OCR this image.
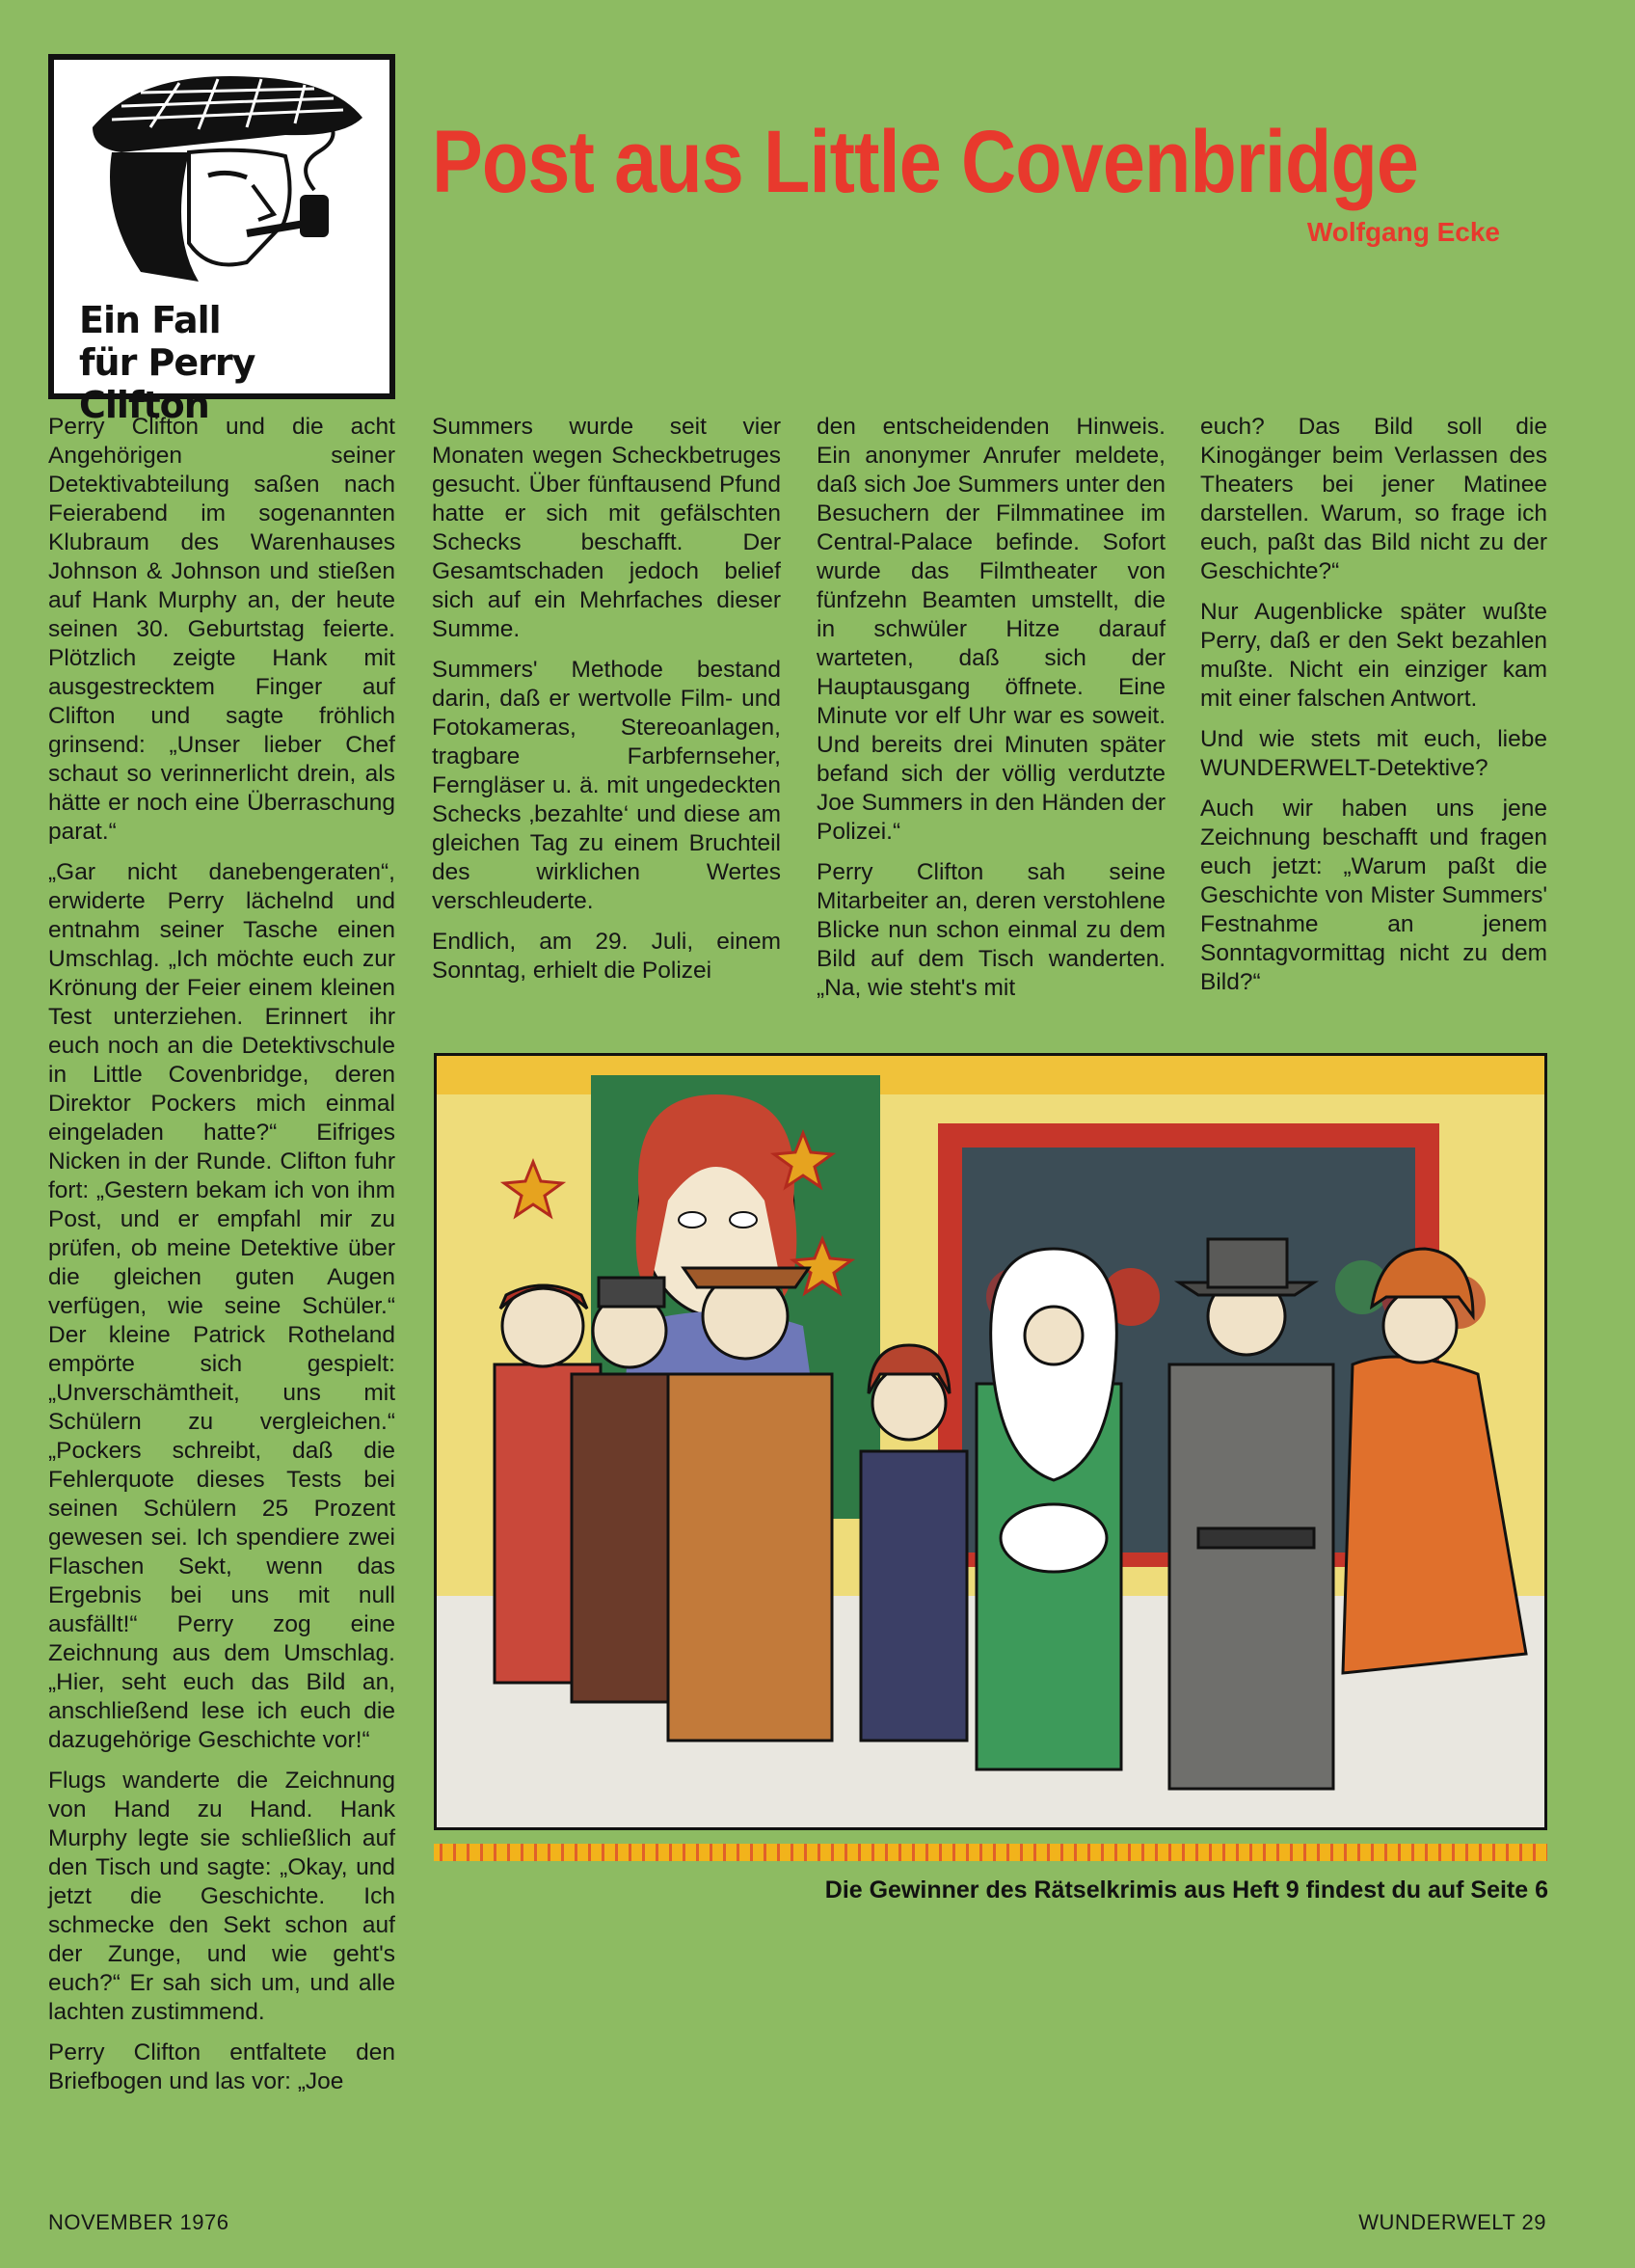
Ein Fall
für Perry Clifton
Post aus Little Covenbridge
Wolfgang Ecke

Perry Clifton und die acht Angehörigen seiner Detektivabteilung saßen nach Feierabend im sogenannten Klubraum des Warenhauses Johnson & Johnson und stießen auf Hank Murphy an, der heute seinen 30. Geburtstag feierte. Plötzlich zeigte Hank mit ausgestrecktem Finger auf Clifton und sagte fröhlich grinsend: „Unser lieber Chef schaut so verinnerlicht drein, als hätte er noch eine Überraschung parat.“

„Gar nicht danebengeraten“, erwiderte Perry lächelnd und entnahm seiner Tasche einen Umschlag. „Ich möchte euch zur Krönung der Feier einem kleinen Test unterziehen. Erinnert ihr euch noch an die Detektivschule in Little Covenbridge, deren Direktor Pockers mich einmal eingeladen hatte?“ Eifriges Nicken in der Runde. Clifton fuhr fort: „Gestern bekam ich von ihm Post, und er empfahl mir zu prüfen, ob meine Detektive über die gleichen guten Augen verfügen, wie seine Schüler.“ Der kleine Patrick Rotheland empörte sich gespielt: „Unverschämtheit, uns mit Schülern zu vergleichen.“ „Pockers schreibt, daß die Fehlerquote dieses Tests bei seinen Schülern 25 Prozent gewesen sei. Ich spendiere zwei Flaschen Sekt, wenn das Ergebnis bei uns mit null ausfällt!“ Perry zog eine Zeichnung aus dem Umschlag. „Hier, seht euch das Bild an, anschließend lese ich euch die dazugehörige Geschichte vor!“

Flugs wanderte die Zeichnung von Hand zu Hand. Hank Murphy legte sie schließlich auf den Tisch und sagte: „Okay, und jetzt die Geschichte. Ich schmecke den Sekt schon auf der Zunge, und wie geht's euch?“ Er sah sich um, und alle lachten zustimmend.

Perry Clifton entfaltete den Briefbogen und las vor: „Joe

Summers wurde seit vier Monaten wegen Scheckbetruges gesucht. Über fünftausend Pfund hatte er sich mit gefälschten Schecks beschafft. Der Gesamtschaden jedoch belief sich auf ein Mehrfaches dieser Summe.

Summers' Methode bestand darin, daß er wertvolle Film- und Fotokameras, Stereoanlagen, tragbare Farbfernseher, Ferngläser u. ä. mit ungedeckten Schecks ‚bezahlte‘ und diese am gleichen Tag zu einem Bruchteil des wirklichen Wertes verschleuderte.

Endlich, am 29. Juli, einem Sonntag, erhielt die Polizei

den entscheidenden Hinweis. Ein anonymer Anrufer meldete, daß sich Joe Summers unter den Besuchern der Filmmatinee im Central-Palace befinde. Sofort wurde das Filmtheater von fünfzehn Beamten umstellt, die in schwüler Hitze darauf warteten, daß sich der Hauptausgang öffnete. Eine Minute vor elf Uhr war es soweit. Und bereits drei Minuten später befand sich der völlig verdutzte Joe Summers in den Händen der Polizei.“

Perry Clifton sah seine Mitarbeiter an, deren verstohlene Blicke nun schon einmal zu dem Bild auf dem Tisch wanderten. „Na, wie steht's mit

euch? Das Bild soll die Kinogänger beim Verlassen des Theaters bei jener Matinee darstellen. Warum, so frage ich euch, paßt das Bild nicht zu der Geschichte?“

Nur Augenblicke später wußte Perry, daß er den Sekt bezahlen mußte. Nicht ein einziger kam mit einer falschen Antwort.

Und wie stets mit euch, liebe WUNDERWELT-Detektive?

Auch wir haben uns jene Zeichnung beschafft und fragen euch jetzt: „Warum paßt die Geschichte von Mister Summers' Festnahme an jenem Sonntagvormittag nicht zu dem Bild?“

Die Gewinner des Rätselkrimis aus Heft 9 findest du auf Seite 6
NOVEMBER 1976	WUNDERWELT 29
